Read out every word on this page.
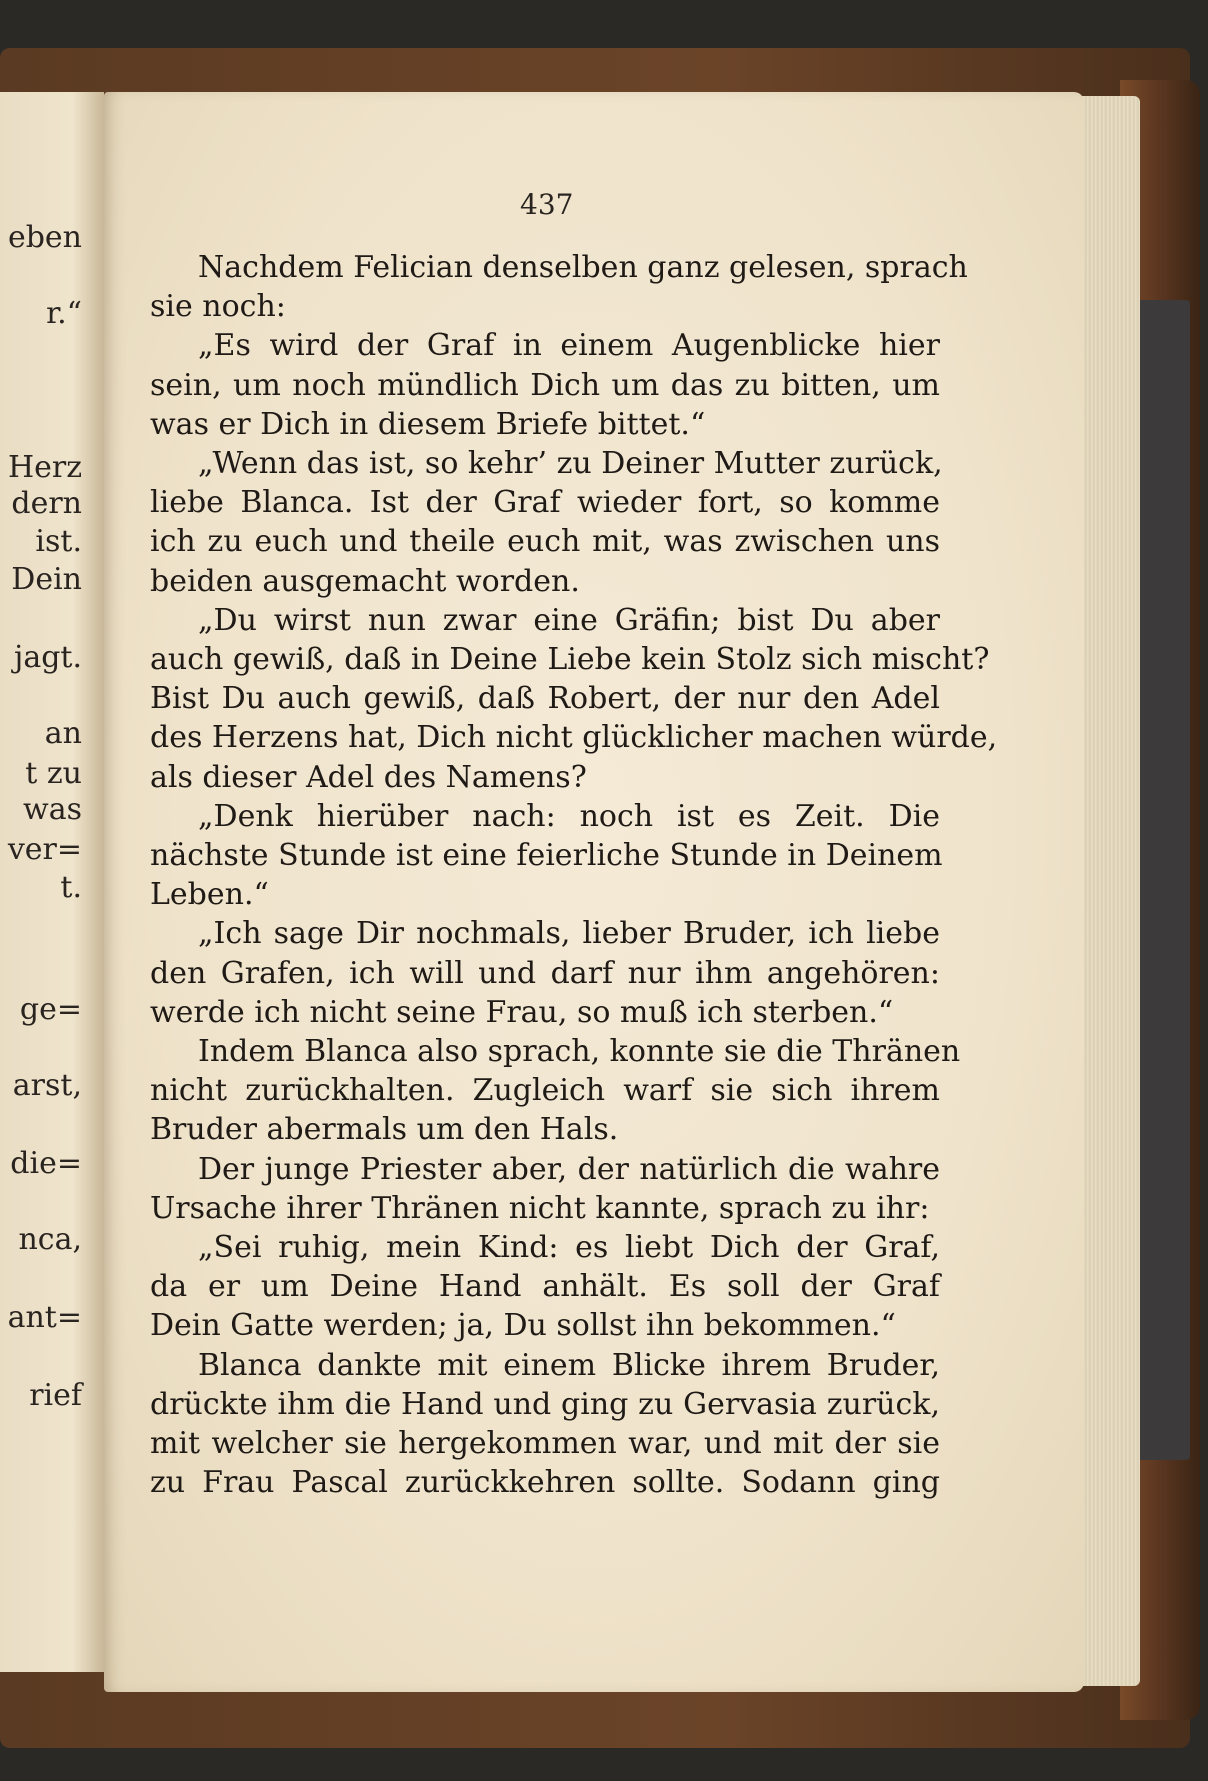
eben
r.“
Herz
dern
ist.
Dein
jagt.
an
t zu
was
ver=
t.
ge=
arst,
die=
nca,
ant=
rief
437
Nachdem Felician denselben ganz gelesen, sprach
sie noch:
„Es wird der Graf in einem Augenblicke hier
sein, um noch mündlich Dich um das zu bitten, um
was er Dich in diesem Briefe bittet.“
„Wenn das ist, so kehr’ zu Deiner Mutter zurück,
liebe Blanca. Ist der Graf wieder fort, so komme
ich zu euch und theile euch mit, was zwischen uns
beiden ausgemacht worden.
„Du wirst nun zwar eine Gräfin; bist Du aber
auch gewiß, daß in Deine Liebe kein Stolz sich mischt?
Bist Du auch gewiß, daß Robert, der nur den Adel
des Herzens hat, Dich nicht glücklicher machen würde,
als dieser Adel des Namens?
„Denk hierüber nach: noch ist es Zeit. Die
nächste Stunde ist eine feierliche Stunde in Deinem
Leben.“
„Ich sage Dir nochmals, lieber Bruder, ich liebe
den Grafen, ich will und darf nur ihm angehören:
werde ich nicht seine Frau, so muß ich sterben.“
Indem Blanca also sprach, konnte sie die Thränen
nicht zurückhalten. Zugleich warf sie sich ihrem
Bruder abermals um den Hals.
Der junge Priester aber, der natürlich die wahre
Ursache ihrer Thränen nicht kannte, sprach zu ihr:
„Sei ruhig, mein Kind: es liebt Dich der Graf,
da er um Deine Hand anhält. Es soll der Graf
Dein Gatte werden; ja, Du sollst ihn bekommen.“
Blanca dankte mit einem Blicke ihrem Bruder,
drückte ihm die Hand und ging zu Gervasia zurück,
mit welcher sie hergekommen war, und mit der sie
zu Frau Pascal zurückkehren sollte. Sodann ging
